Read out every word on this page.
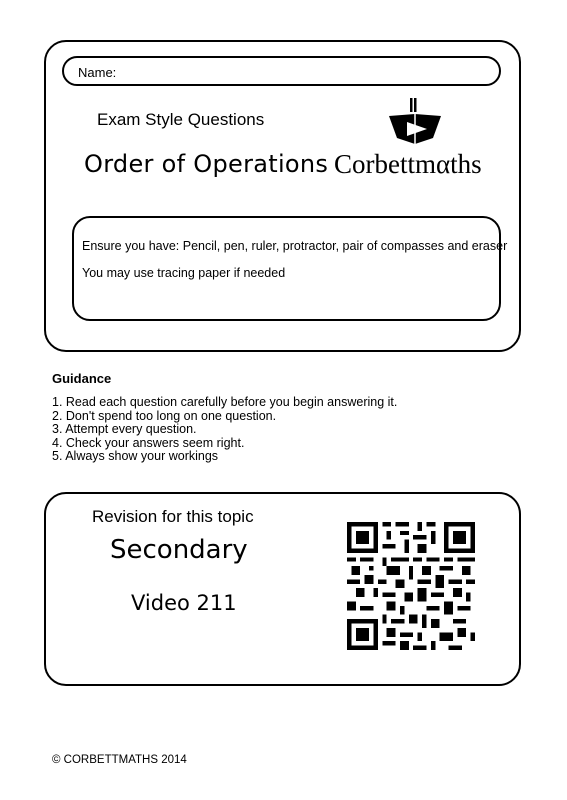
Name:
Exam Style Questions
Order of Operations Corbettmαths
Ensure you have: Pencil, pen, ruler, protractor, pair of compasses and eraser
You may use tracing paper if needed
Guidance
1. Read each question carefully before you begin answering it.
2. Don't spend too long on one question.
3. Attempt every question.
4. Check your answers seem right.
5. Always show your workings
Revision for this topic
Secondary
Video 211
© CORBETTMATHS 2014
